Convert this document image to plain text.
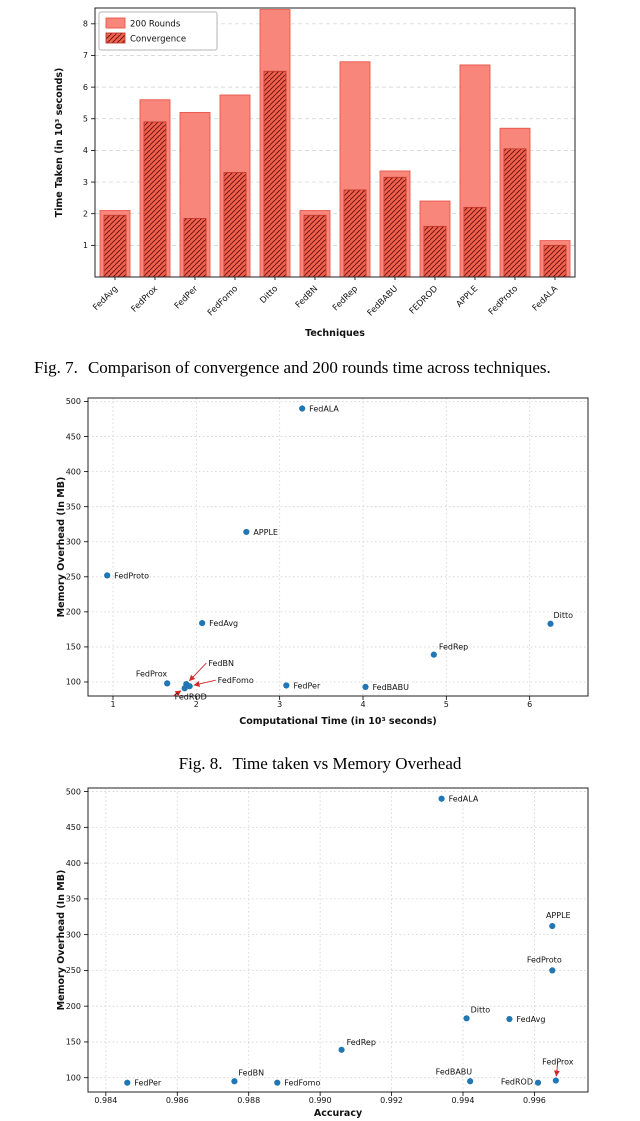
FedAvg FedProx FedPer FedFomo Ditto FedBN FedRep FedBABU FEDROD APPLE FedProto FedALA
1
2
3
4
5
6
7
8
Time Taken (in 10³ seconds)
Techniques
200 Rounds
Convergence
Fig. 7. Comparison of convergence and 200 rounds time across techniques.
1	2	3	4	5	6
100
150
200
250
300
350
400
450
500
FedProto
FedProx
FedBN
FedFomo
FedROD
FedAvg
APPLE
FedALA
FedPer	FedBABU
FedRep
Ditto
Memory Overhead (In MB)
Computational Time (in 10³ seconds)
Fig. 8. Time taken vs Memory Overhead
0.984	0.986	0.988	0.990	0.992	0.994	0.996
100
150
200
250
300
350
400
450
500
FedPer
FedBN
FedFomo
FedRep
FedALA
Ditto
FedBABU
FedAvg
FedROD
FedProto
APPLE
FedProx
Memory Overhead (In MB)
Accuracy
